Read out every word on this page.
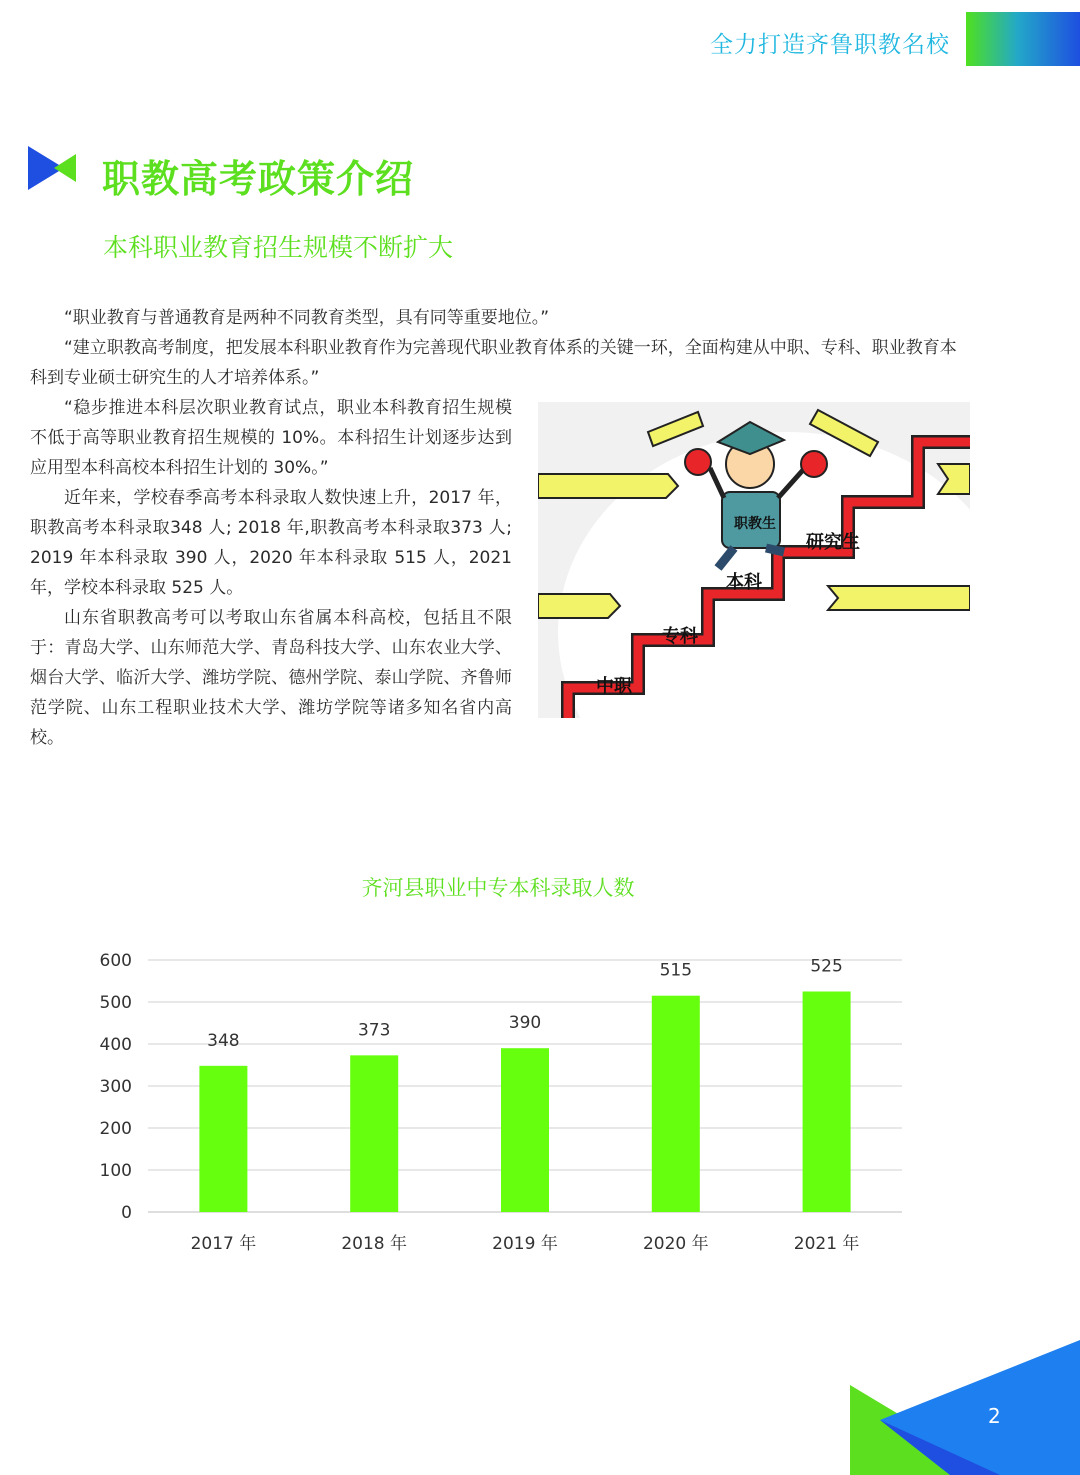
全力打造齐鲁职教名校
职教高考政策介绍
本科职业教育招生规模不断扩大

“职业教育与普通教育是两种不同教育类型，具有同等重要地位。”

“建立职教高考制度，把发展本科职业教育作为完善现代职业教育体系的关键一环，全面构建从中职、专科、职业教育本科到专业硕士研究生的人才培养体系。”

“稳步推进本科层次职业教育试点，职业本科教育招生规模不低于高等职业教育招生规模的 10%。本科招生计划逐步达到应用型本科高校本科招生计划的 30%。”

近年来，学校春季高考本科录取人数快速上升，2017 年，职教高考本科录取348 人; 2018 年,职教高考本科录取373 人; 2019 年本科录取 390 人，2020 年本科录取 515 人，2021 年，学校本科录取 525 人。

山东省职教高考可以考取山东省属本科高校，包括且不限于：青岛大学、山东师范大学、青岛科技大学、山东农业大学、烟台大学、临沂大学、潍坊学院、德州学院、泰山学院、齐鲁师范学院、山东工程职业技术大学、潍坊学院等诸多知名省内高校。

中职
专科
本科
研究生
职教生
齐河县职业中专本科录取人数
0
100
200
300
400
500
600
348
2017 年
373
2018 年
390
2019 年
515
2020 年
525
2021 年
2
